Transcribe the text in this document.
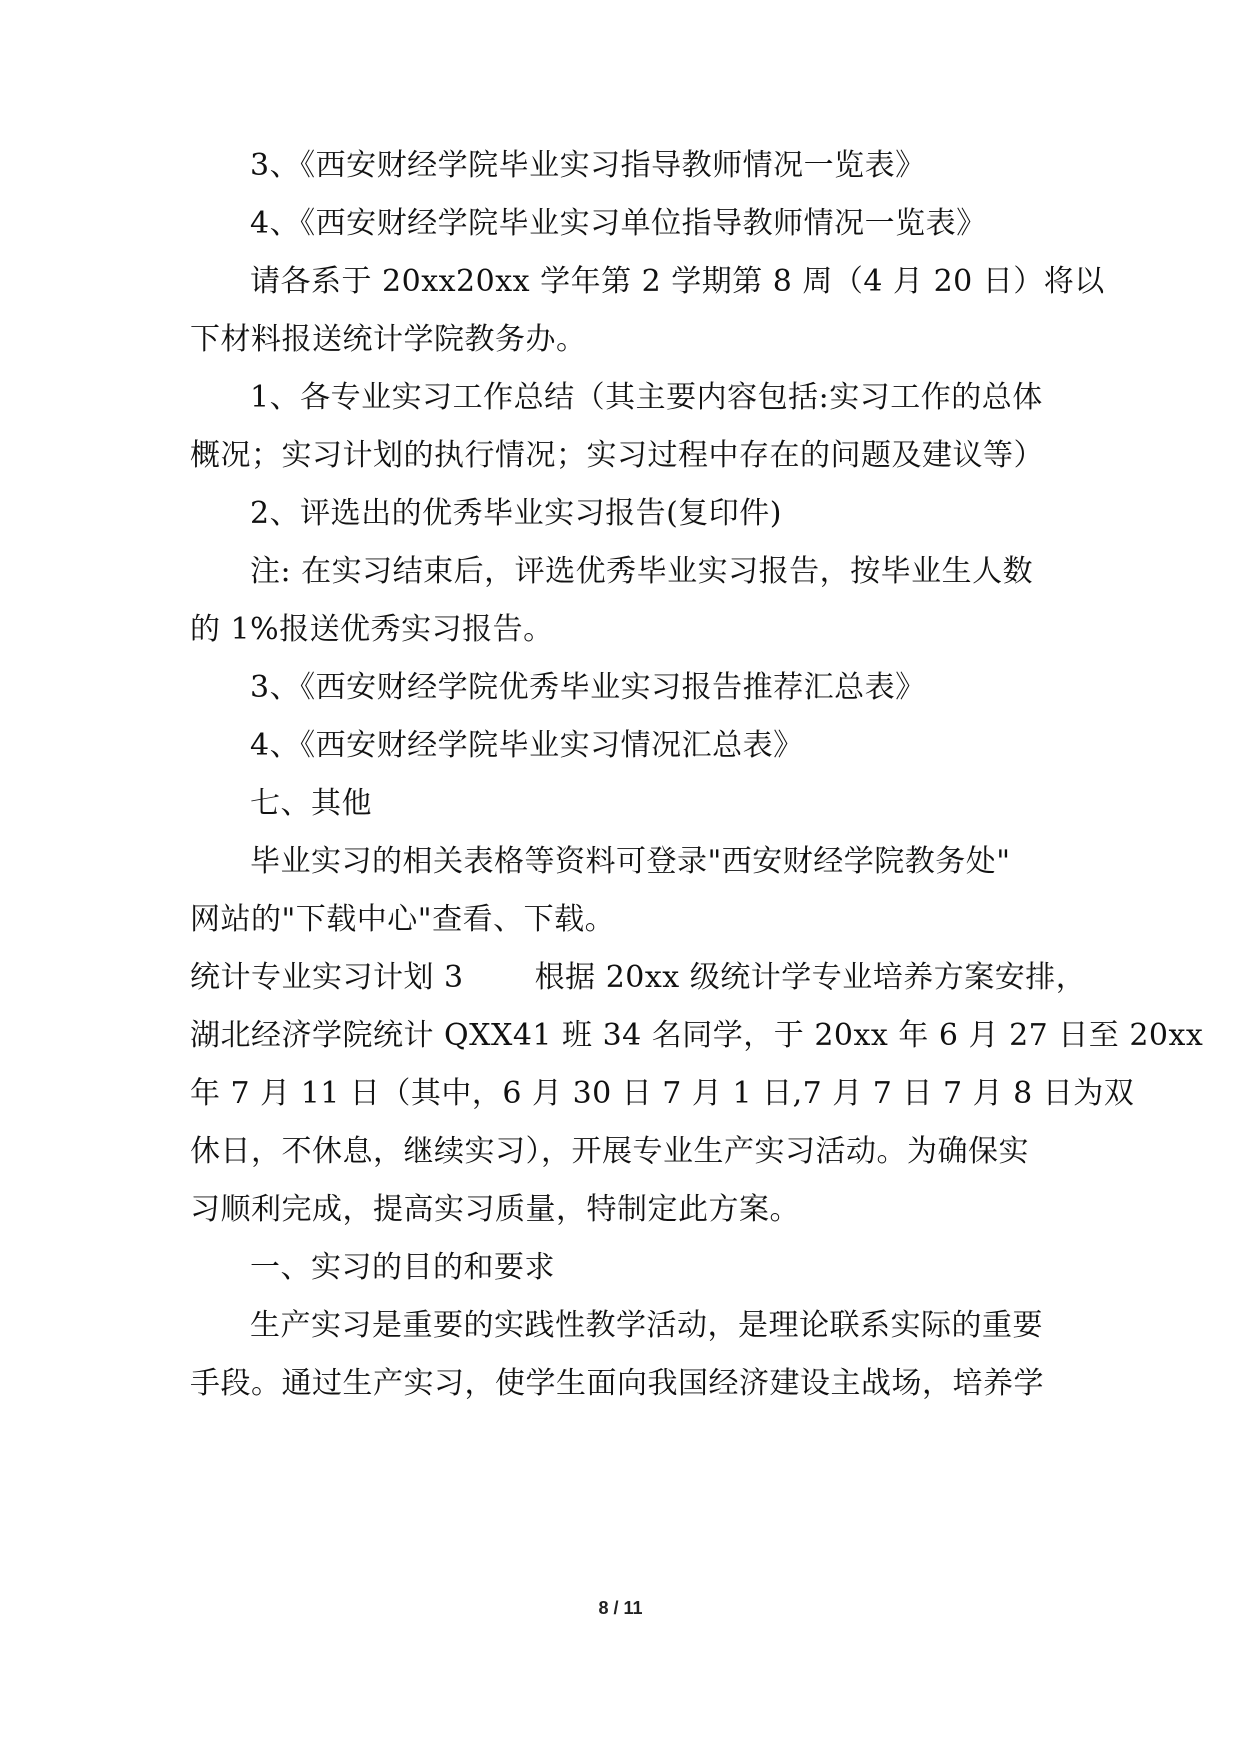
3、《西安财经学院毕业实习指导教师情况一览表》
4、《西安财经学院毕业实习单位指导教师情况一览表》
请各系于 20xx20xx 学年第 2 学期第 8 周（4 月 20 日）将以
下材料报送统计学院教务办。
1、各专业实习工作总结（其主要内容包括:实习工作的总体
概况；实习计划的执行情况；实习过程中存在的问题及建议等）
2、评选出的优秀毕业实习报告(复印件)
注: 在实习结束后，评选优秀毕业实习报告，按毕业生人数
的 1%报送优秀实习报告。
3、《西安财经学院优秀毕业实习报告推荐汇总表》
4、《西安财经学院毕业实习情况汇总表》
七、其他
毕业实习的相关表格等资料可登录"西安财经学院教务处"
网站的"下载中心"查看、下载。
统计专业实习计划 3　　 根据 20xx 级统计学专业培养方案安排，
湖北经济学院统计 QXX41 班 34 名同学，于 20xx 年 6 月 27 日至 20xx
年 7 月 11 日（其中，6 月 30 日 7 月 1 日,7 月 7 日 7 月 8 日为双
休日，不休息，继续实习），开展专业生产实习活动。为确保实
习顺利完成，提高实习质量，特制定此方案。
一、实习的目的和要求
生产实习是重要的实践性教学活动，是理论联系实际的重要
手段。通过生产实习，使学生面向我国经济建设主战场，培养学
8 / 11
